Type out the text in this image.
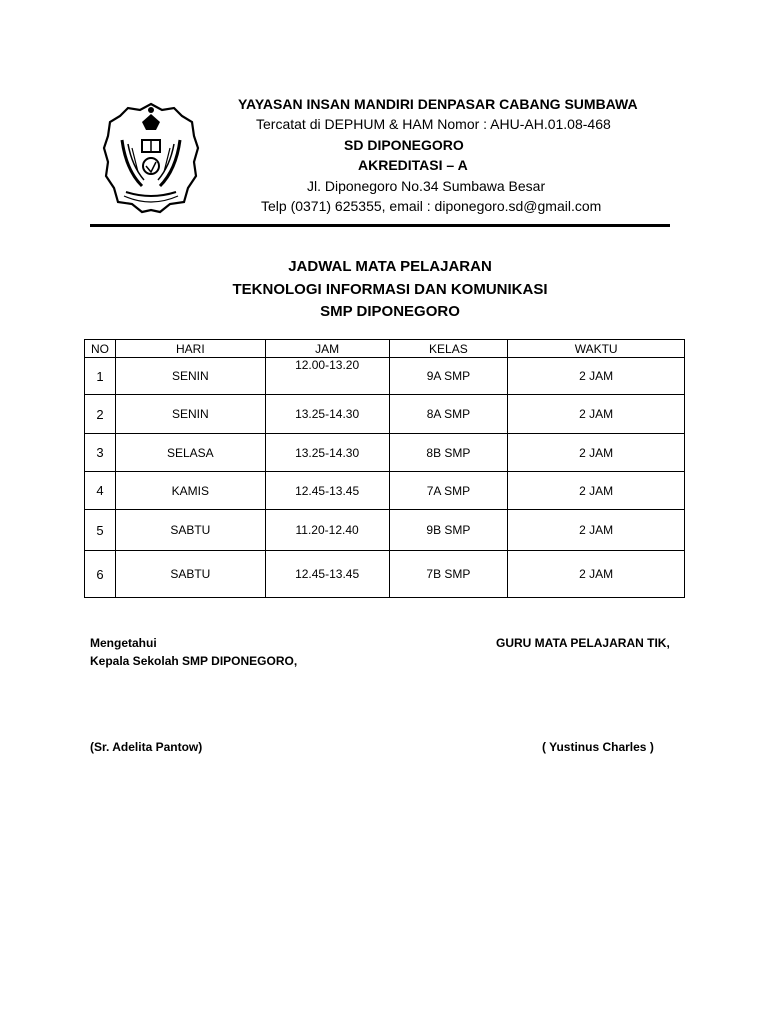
YAYASAN INSAN MANDIRI DENPASAR CABANG SUMBAWA
Tercatat di DEPHUM & HAM Nomor : AHU-AH.01.08-468
SD DIPONEGORO
AKREDITASI – A
Jl. Diponegoro No.34 Sumbawa Besar
Telp (0371) 625355, email : diponegoro.sd@gmail.com
JADWAL MATA PELAJARAN
TEKNOLOGI INFORMASI DAN KOMUNIKASI
SMP DIPONEGORO
NO	HARI	JAM	KELAS	WAKTU
1	SENIN	12.00-13.20	9A SMP	2 JAM
2	SENIN	13.25-14.30	8A SMP	2 JAM
3	SELASA	13.25-14.30	8B SMP	2 JAM
4	KAMIS	12.45-13.45	7A SMP	2 JAM
5	SABTU	11.20-12.40	9B SMP	2 JAM
6	SABTU	12.45-13.45	7B SMP	2 JAM
Mengetahui
Kepala Sekolah SMP DIPONEGORO,
(Sr. Adelita Pantow)
GURU MATA PELAJARAN TIK,
( Yustinus Charles )
